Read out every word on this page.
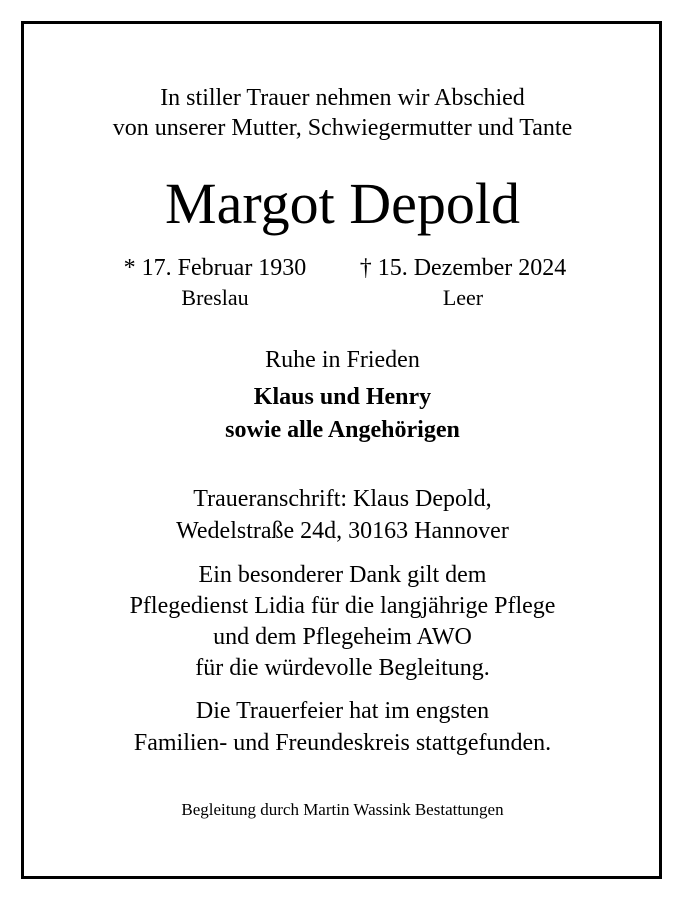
In stiller Trauer nehmen wir Abschied
von unserer Mutter, Schwiegermutter und Tante
Margot Depold
* 17. Februar 1930
Breslau
† 15. Dezember 2024
Leer
Ruhe in Frieden
Klaus und Henry
sowie alle Angehörigen
Traueranschrift: Klaus Depold,
Wedelstraße 24d, 30163 Hannover
Ein besonderer Dank gilt dem
Pflegedienst Lidia für die langjährige Pflege
und dem Pflegeheim AWO
für die würdevolle Begleitung.
Die Trauerfeier hat im engsten
Familien- und Freundeskreis stattgefunden.
Begleitung durch Martin Wassink Bestattungen
